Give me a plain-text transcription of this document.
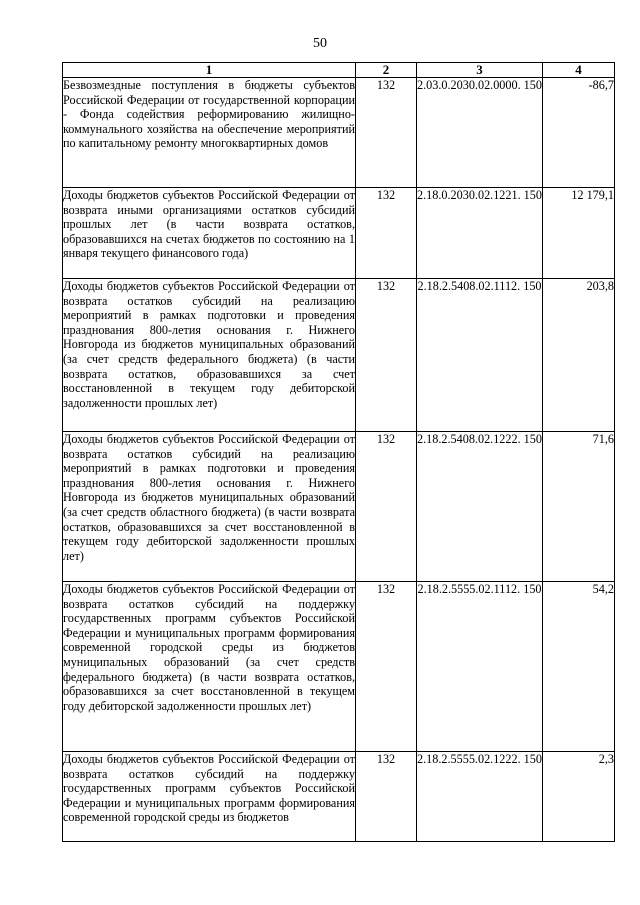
50
1	2	3	4
Безвозмездные поступления в бюджеты субъектов Российской Федерации от государственной корпорации - Фонда содействия реформированию жилищно-коммунального хозяйства на обеспечение мероприятий по капитальному ремонту многоквартирных домов	132	2.03.0.2030.02.0000. 150	-86,7
Доходы бюджетов субъектов Российской Федерации от возврата иными организациями остатков субсидий прошлых лет (в части возврата остатков, образовавшихся на счетах бюджетов по состоянию на 1 января текущего финансового года)	132	2.18.0.2030.02.1221. 150	12 179,1
Доходы бюджетов субъектов Российской Федерации от возврата остатков субсидий на реализацию мероприятий в рамках подготовки и проведения празднования 800-летия основания г. Нижнего Новгорода из бюджетов муниципальных образований (за счет средств федерального бюджета) (в части возврата остатков, образовавшихся за счет восстановленной в текущем году дебиторской задолженности прошлых лет)	132	2.18.2.5408.02.1112. 150	203,8
Доходы бюджетов субъектов Российской Федерации от возврата остатков субсидий на реализацию мероприятий в рамках подготовки и проведения празднования 800-летия основания г. Нижнего Новгорода из бюджетов муниципальных образований (за счет средств областного бюджета) (в части возврата остатков, образовавшихся за счет восстановленной в текущем году дебиторской задолженности прошлых лет)	132	2.18.2.5408.02.1222. 150	71,6
Доходы бюджетов субъектов Российской Федерации от возврата остатков субсидий на поддержку государственных программ субъектов Российской Федерации и муниципальных программ формирования современной городской среды из бюджетов муниципальных образований (за счет средств федерального бюджета) (в части возврата остатков, образовавшихся за счет восстановленной в текущем году дебиторской задолженности прошлых лет)	132	2.18.2.5555.02.1112. 150	54,2
Доходы бюджетов субъектов Российской Федерации от возврата остатков субсидий на поддержку государственных программ субъектов Российской Федерации и муниципальных программ формирования современной городской среды из бюджетов	132	2.18.2.5555.02.1222. 150	2,3
